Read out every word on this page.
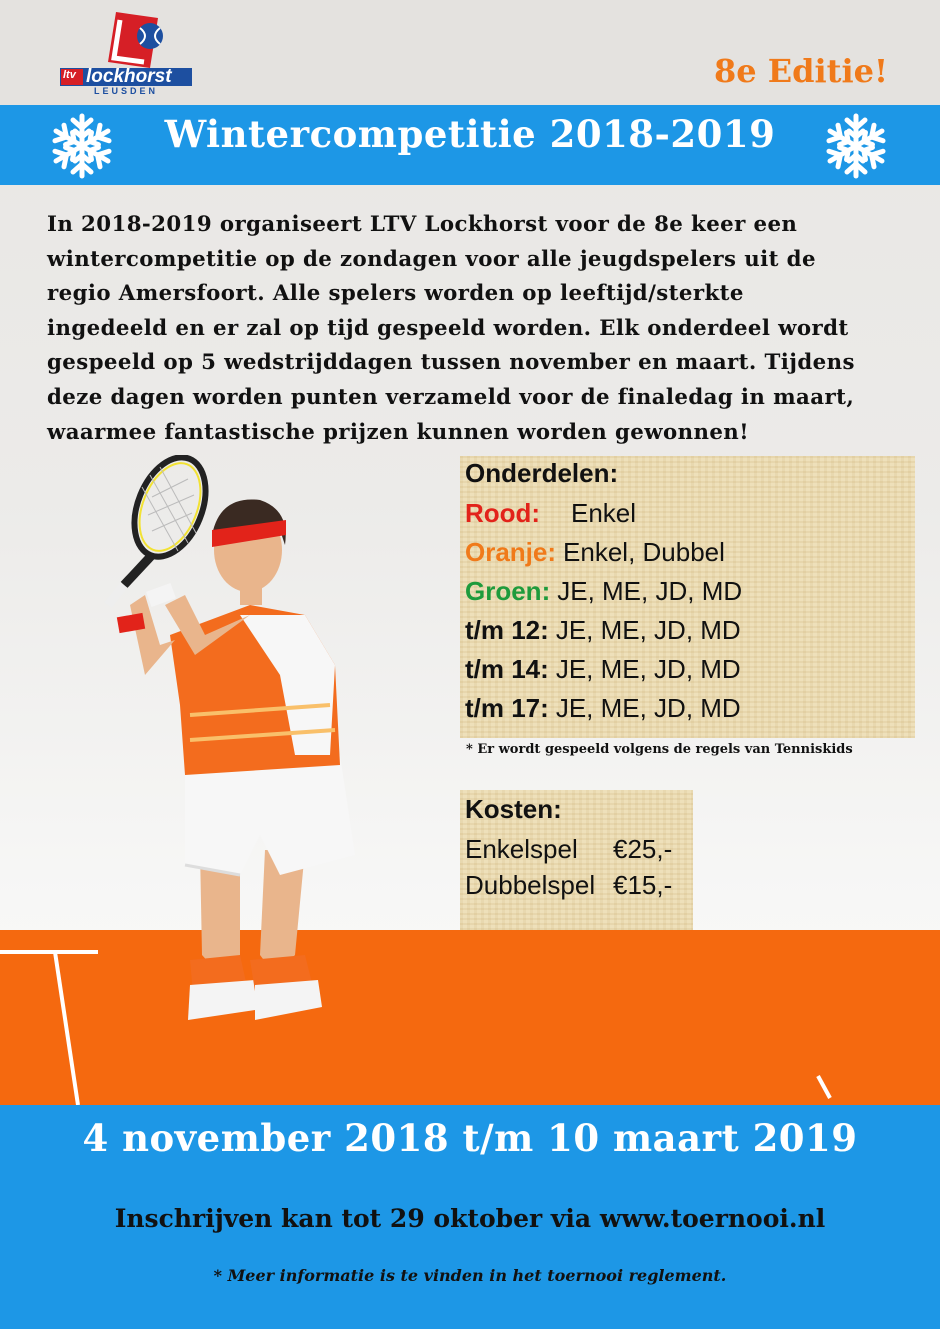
ltv lockhorst
LEUSDEN
8e Editie!
Wintercompetitie 2018-2019
In 2018-2019 organiseert LTV Lockhorst voor de 8e keer een
wintercompetitie op de zondagen voor alle jeugdspelers uit de
regio Amersfoort. Alle spelers worden op leeftijd/sterkte
ingedeeld en er zal op tijd gespeeld worden. Elk onderdeel wordt
gespeeld op 5 wedstrijddagen tussen november en maart. Tijdens
deze dagen worden punten verzameld voor de finaledag in maart,
waarmee fantastische prijzen kunnen worden gewonnen!
Onderdelen:
Rood: Enkel
Oranje: Enkel, Dubbel
Groen: JE, ME, JD, MD
t/m 12: JE, ME, JD, MD
t/m 14: JE, ME, JD, MD
t/m 17: JE, ME, JD, MD
* Er wordt gespeeld volgens de regels van Tenniskids
Kosten:
Enkelspel €25,-
Dubbelspel €15,-
4 november 2018 t/m 10 maart 2019
Inschrijven kan tot 29 oktober via www.toernooi.nl
* Meer informatie is te vinden in het toernooi reglement.
